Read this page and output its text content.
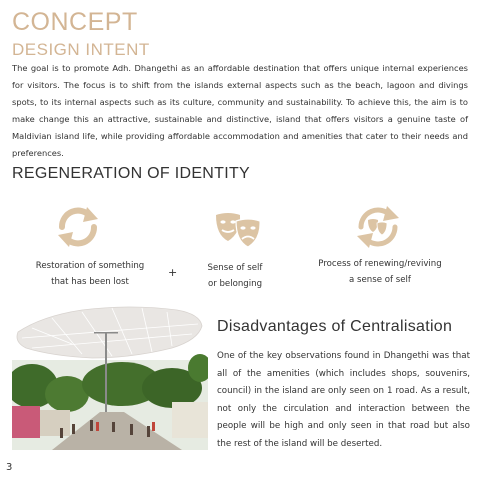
CONCEPT
DESIGN INTENT

The goal is to promote Adh. Dhangethi as an affordable destination that offers unique internal experiences for visitors. The focus is to shift from the islands external aspects such as the beach, lagoon and divings spots, to its internal aspects such as its culture, community and sustainability. To achieve this, the aim is to make change this an attractive, sustainable and distinctive, island that offers visitors a genuine taste of Maldivian island life, while providing affordable accommodation and amenities that cater to their needs and preferences.

REGENERATION OF IDENTITY
Restoration of something
that has been lost
+	Sense of self
or belonging
Process of renewing/reviving
a sense of self
Disadvantages of Centralisation

One of the key observations found in Dhangethi was that all of the amenities (which includes shops, souvenirs, council) in the island are only seen on 1 road. As a result, not only the circulation and interaction between the people will be high and only seen in that road but also the rest of the island will be deserted.

3
